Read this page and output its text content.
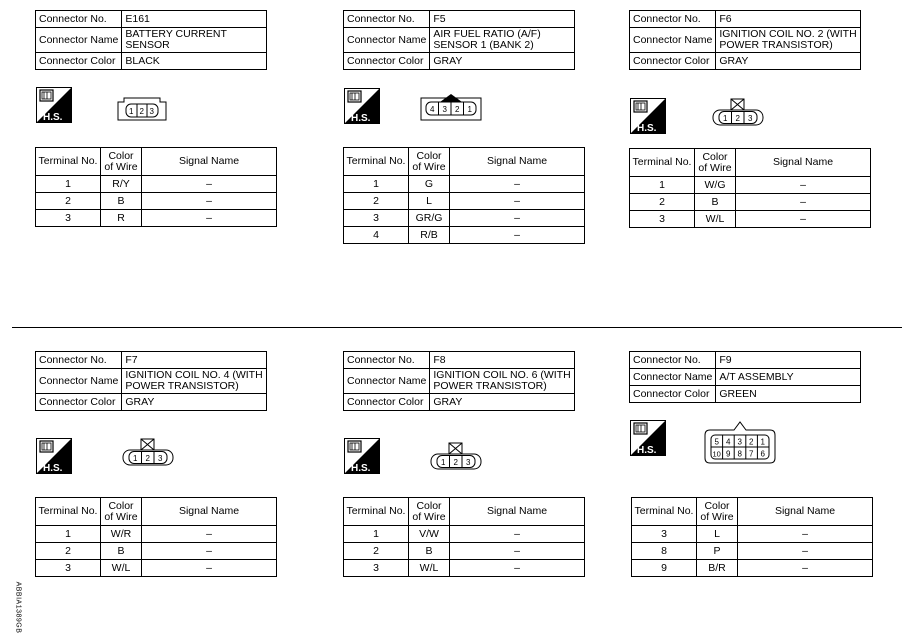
Connector No.	E161
Connector Name	BATTERY CURRENT SENSOR
Connector Color	BLACK
H.S.
1 2 3
Terminal No.	Color of Wire	Signal Name
1	R/Y	–
2	B	–
3	R	–
Connector No.	F5
Connector Name	AIR FUEL RATIO (A/F) SENSOR 1 (BANK 2)
Connector Color	GRAY
H.S.
4 3 2 1
Terminal No.	Color of Wire	Signal Name
1	G	–
2	L	–
3	GR/G	–
4	R/B	–
Connector No.	F6
Connector Name	IGNITION COIL NO. 2 (WITH POWER TRANSISTOR)
Connector Color	GRAY
H.S.
1 2 3
Terminal No.	Color of Wire	Signal Name
1	W/G	–
2	B	–
3	W/L	–
Connector No.	F7
Connector Name	IGNITION COIL NO. 4 (WITH POWER TRANSISTOR)
Connector Color	GRAY
H.S.
1 2 3
Terminal No.	Color of Wire	Signal Name
1	W/R	–
2	B	–
3	W/L	–
Connector No.	F8
Connector Name	IGNITION COIL NO. 6 (WITH POWER TRANSISTOR)
Connector Color	GRAY
H.S.
1 2 3
Terminal No.	Color of Wire	Signal Name
1	V/W	–
2	B	–
3	W/L	–
Connector No.	F9
Connector Name	A/T ASSEMBLY
Connector Color	GREEN
H.S.
5 4 3 2 1
10 9 8 7 6
Terminal No.	Color of Wire	Signal Name
3	L	–
8	P	–
9	B/R	–
ABBIA1389GB
